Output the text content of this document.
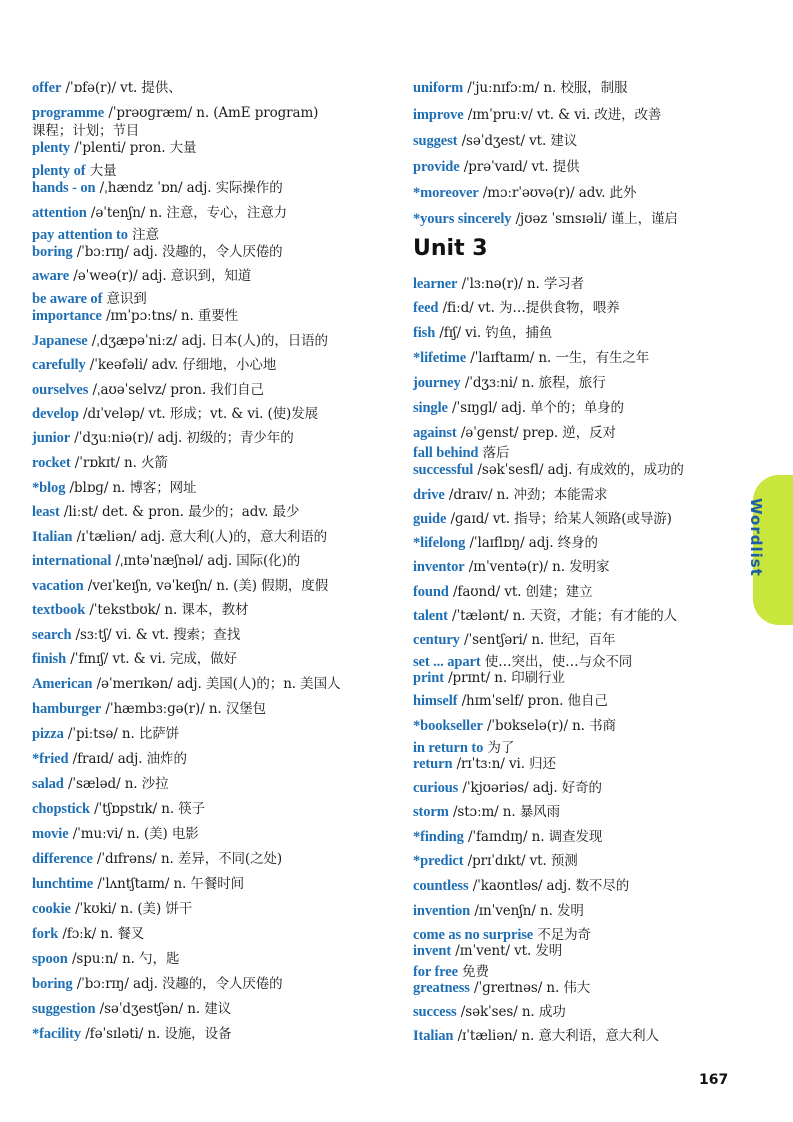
offer /ˈɒfə(r)/ vt. 提供、
programme /ˈprəʊɡræm/ n. (AmE program)
课程；计划；节目
plenty /ˈplenti/ pron. 大量
plenty of 大量
hands - on /ˌhændz ˈɒn/ adj. 实际操作的
attention /əˈtenʃn/ n. 注意，专心，注意力
pay attention to 注意
boring /ˈbɔːrɪŋ/ adj. 没趣的，令人厌倦的
aware /əˈweə(r)/ adj. 意识到，知道
be aware of 意识到
importance /ɪmˈpɔːtns/ n. 重要性
Japanese /ˌdʒæpəˈniːz/ adj. 日本(人)的，日语的
carefully /ˈkeəfəli/ adv. 仔细地，小心地
ourselves /ˌaʊəˈselvz/ pron. 我们自己
develop /dɪˈveləp/ vt. 形成；vt. & vi. (使)发展
junior /ˈdʒuːniə(r)/ adj. 初级的；青少年的
rocket /ˈrɒkɪt/ n. 火箭
*blog /blɒɡ/ n. 博客；网址
least /liːst/ det. & pron. 最少的；adv. 最少
Italian /ɪˈtæliən/ adj. 意大利(人)的，意大利语的
international /ˌɪntəˈnæʃnəl/ adj. 国际(化)的
vacation /veɪˈkeɪʃn, vəˈkeɪʃn/ n. (美) 假期，度假
textbook /ˈtekstbʊk/ n. 课本，教材
search /sɜːtʃ/ vi. & vt. 搜索；查找
finish /ˈfɪnɪʃ/ vt. & vi. 完成，做好
American /əˈmerɪkən/ adj. 美国(人)的；n. 美国人
hamburger /ˈhæmbɜːɡə(r)/ n. 汉堡包
pizza /ˈpiːtsə/ n. 比萨饼
*fried /fraɪd/ adj. 油炸的
salad /ˈsæləd/ n. 沙拉
chopstick /ˈtʃɒpstɪk/ n. 筷子
movie /ˈmuːvi/ n. (美) 电影
difference /ˈdɪfrəns/ n. 差异，不同(之处)
lunchtime /ˈlʌntʃtaɪm/ n. 午餐时间
cookie /ˈkʊki/ n. (美) 饼干
fork /fɔːk/ n. 餐叉
spoon /spuːn/ n. 勺，匙
boring /ˈbɔːrɪŋ/ adj. 没趣的，令人厌倦的
suggestion /səˈdʒestʃən/ n. 建议
*facility /fəˈsɪləti/ n. 设施，设备
Unit 3
uniform /ˈjuːnɪfɔːm/ n. 校服，制服
improve /ɪmˈpruːv/ vt. & vi. 改进，改善
suggest /səˈdʒest/ vt. 建议
provide /prəˈvaɪd/ vt. 提供
*moreover /mɔːrˈəʊvə(r)/ adv. 此外
*yours sincerely /jʊəz ˈsɪnsɪəli/ 谨上，谨启
learner /ˈlɜːnə(r)/ n. 学习者
feed /fiːd/ vt. 为…提供食物，喂养
fish /fɪʃ/ vi. 钓鱼，捕鱼
*lifetime /ˈlaɪftaɪm/ n. 一生，有生之年
journey /ˈdʒɜːni/ n. 旅程，旅行
single /ˈsɪŋɡl/ adj. 单个的；单身的
against /əˈɡenst/ prep. 逆，反对
fall behind 落后
successful /səkˈsesfl/ adj. 有成效的，成功的
drive /draɪv/ n. 冲劲；本能需求
guide /ɡaɪd/ vt. 指导；给某人领路(或导游)
*lifelong /ˈlaɪflɒŋ/ adj. 终身的
inventor /ɪnˈventə(r)/ n. 发明家
found /faʊnd/ vt. 创建；建立
talent /ˈtælənt/ n. 天资，才能；有才能的人
century /ˈsentʃəri/ n. 世纪，百年
set ... apart 使…突出，使…与众不同
print /prɪnt/ n. 印刷行业
himself /hɪmˈself/ pron. 他自己
*bookseller /ˈbʊkselə(r)/ n. 书商
in return to 为了
return /rɪˈtɜːn/ vi. 归还
curious /ˈkjʊəriəs/ adj. 好奇的
storm /stɔːm/ n. 暴风雨
*finding /ˈfaɪndɪŋ/ n. 调查发现
*predict /prɪˈdɪkt/ vt. 预测
countless /ˈkaʊntləs/ adj. 数不尽的
invention /ɪnˈvenʃn/ n. 发明
come as no surprise 不足为奇
invent /ɪnˈvent/ vt. 发明
for free 免费
greatness /ˈɡreɪtnəs/ n. 伟大
success /səkˈses/ n. 成功
Italian /ɪˈtæliən/ n. 意大利语，意大利人
Wordlist
167
